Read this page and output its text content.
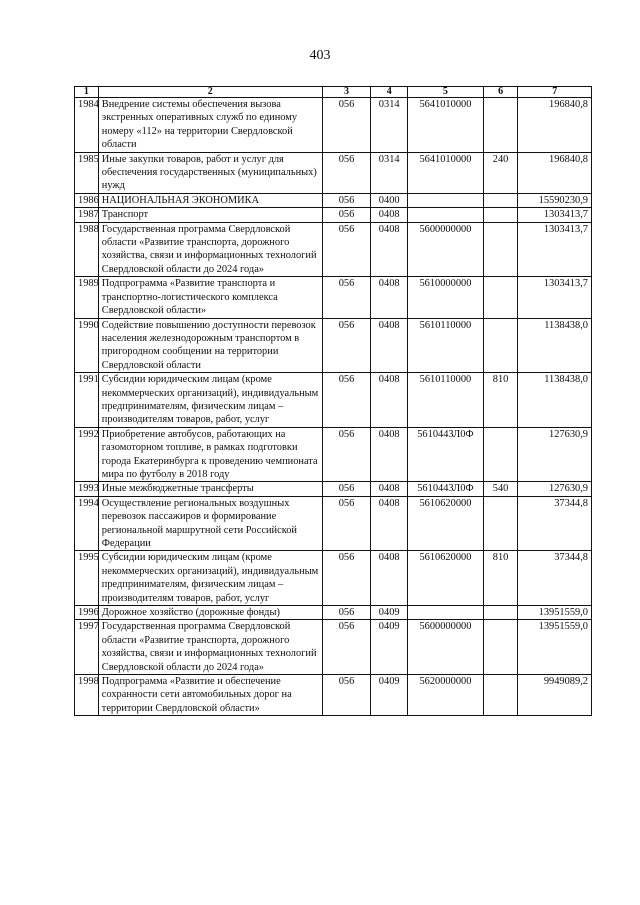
403
1	2	3	4	5	6	7
1984	Внедрение системы обеспечения вызова экстренных оперативных служб по единому номеру «112» на территории Свердловской области	056	0314	5641010000		196840,8
1985	Иные закупки товаров, работ и услуг для обеспечения государственных (муниципальных) нужд	056	0314	5641010000	240	196840,8
1986	НАЦИОНАЛЬНАЯ ЭКОНОМИКА	056	0400			15590230,9
1987	Транспорт	056	0408			1303413,7
1988	Государственная программа Свердловской области «Развитие транспорта, дорожного хозяйства, связи и информационных технологий Свердловской области до 2024 года»	056	0408	5600000000		1303413,7
1989	Подпрограмма «Развитие транспорта и транспортно-логистического комплекса Свердловской области»	056	0408	5610000000		1303413,7
1990	Содействие повышению доступности перевозок населения железнодорожным транспортом в пригородном сообщении на территории Свердловской области	056	0408	5610110000		1138438,0
1991	Субсидии юридическим лицам (кроме некоммерческих организаций), индивидуальным предпринимателям, физическим лицам – производителям товаров, работ, услуг	056	0408	5610110000	810	1138438,0
1992	Приобретение автобусов, работающих на газомоторном топливе, в рамках подготовки города Екатеринбурга к проведению чемпионата мира по футболу в 2018 году	056	0408	561044ЗЛ0Ф		127630,9
1993	Иные межбюджетные трансферты	056	0408	561044ЗЛ0Ф	540	127630,9
1994	Осуществление региональных воздушных перевозок пассажиров и формирование региональной маршрутной сети Российской Федерации	056	0408	5610620000		37344,8
1995	Субсидии юридическим лицам (кроме некоммерческих организаций), индивидуальным предпринимателям, физическим лицам – производителям товаров, работ, услуг	056	0408	5610620000	810	37344,8
1996	Дорожное хозяйство (дорожные фонды)	056	0409			13951559,0
1997	Государственная программа Свердловской области «Развитие транспорта, дорожного хозяйства, связи и информационных технологий Свердловской области до 2024 года»	056	0409	5600000000		13951559,0
1998	Подпрограмма «Развитие и обеспечение сохранности сети автомобильных дорог на территории Свердловской области»	056	0409	5620000000		9949089,2
